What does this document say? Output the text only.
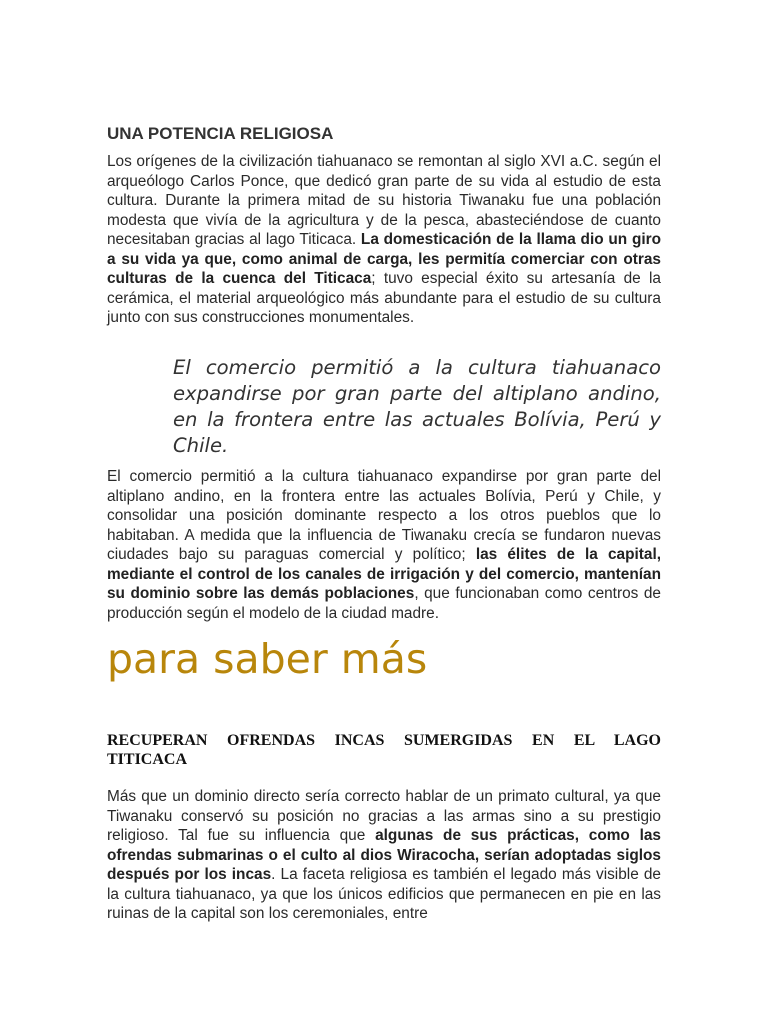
UNA POTENCIA RELIGIOSA

Los orígenes de la civilización tiahuanaco se remontan al siglo XVI a.C. según el arqueólogo Carlos Ponce, que dedicó gran parte de su vida al estudio de esta cultura. Durante la primera mitad de su historia Tiwanaku fue una población modesta que vivía de la agricultura y de la pesca, abasteciéndose de cuanto necesitaban gracias al lago Titicaca. La domesticación de la llama dio un giro a su vida ya que, como animal de carga, les permitía comerciar con otras culturas de la cuenca del Titicaca; tuvo especial éxito su artesanía de la cerámica, el material arqueológico más abundante para el estudio de su cultura junto con sus construcciones monumentales.

El comercio permitió a la cultura tiahuanaco expandirse por gran parte del altiplano andino, en la frontera entre las actuales Bolívia, Perú y Chile.

El comercio permitió a la cultura tiahuanaco expandirse por gran parte del altiplano andino, en la frontera entre las actuales Bolívia, Perú y Chile, y consolidar una posición dominante respecto a los otros pueblos que lo habitaban. A medida que la influencia de Tiwanaku crecía se fundaron nuevas ciudades bajo su paraguas comercial y político; las élites de la capital, mediante el control de los canales de irrigación y del comercio, mantenían su dominio sobre las demás poblaciones, que funcionaban como centros de producción según el modelo de la ciudad madre.

para saber más
RECUPERAN OFRENDAS INCAS SUMERGIDAS EN EL LAGO TITICACA

Más que un dominio directo sería correcto hablar de un primato cultural, ya que Tiwanaku conservó su posición no gracias a las armas sino a su prestigio religioso. Tal fue su influencia que algunas de sus prácticas, como las ofrendas submarinas o el culto al dios Wiracocha, serían adoptadas siglos después por los incas. La faceta religiosa es también el legado más visible de la cultura tiahuanaco, ya que los únicos edificios que permanecen en pie en las ruinas de la capital son los ceremoniales, entre
